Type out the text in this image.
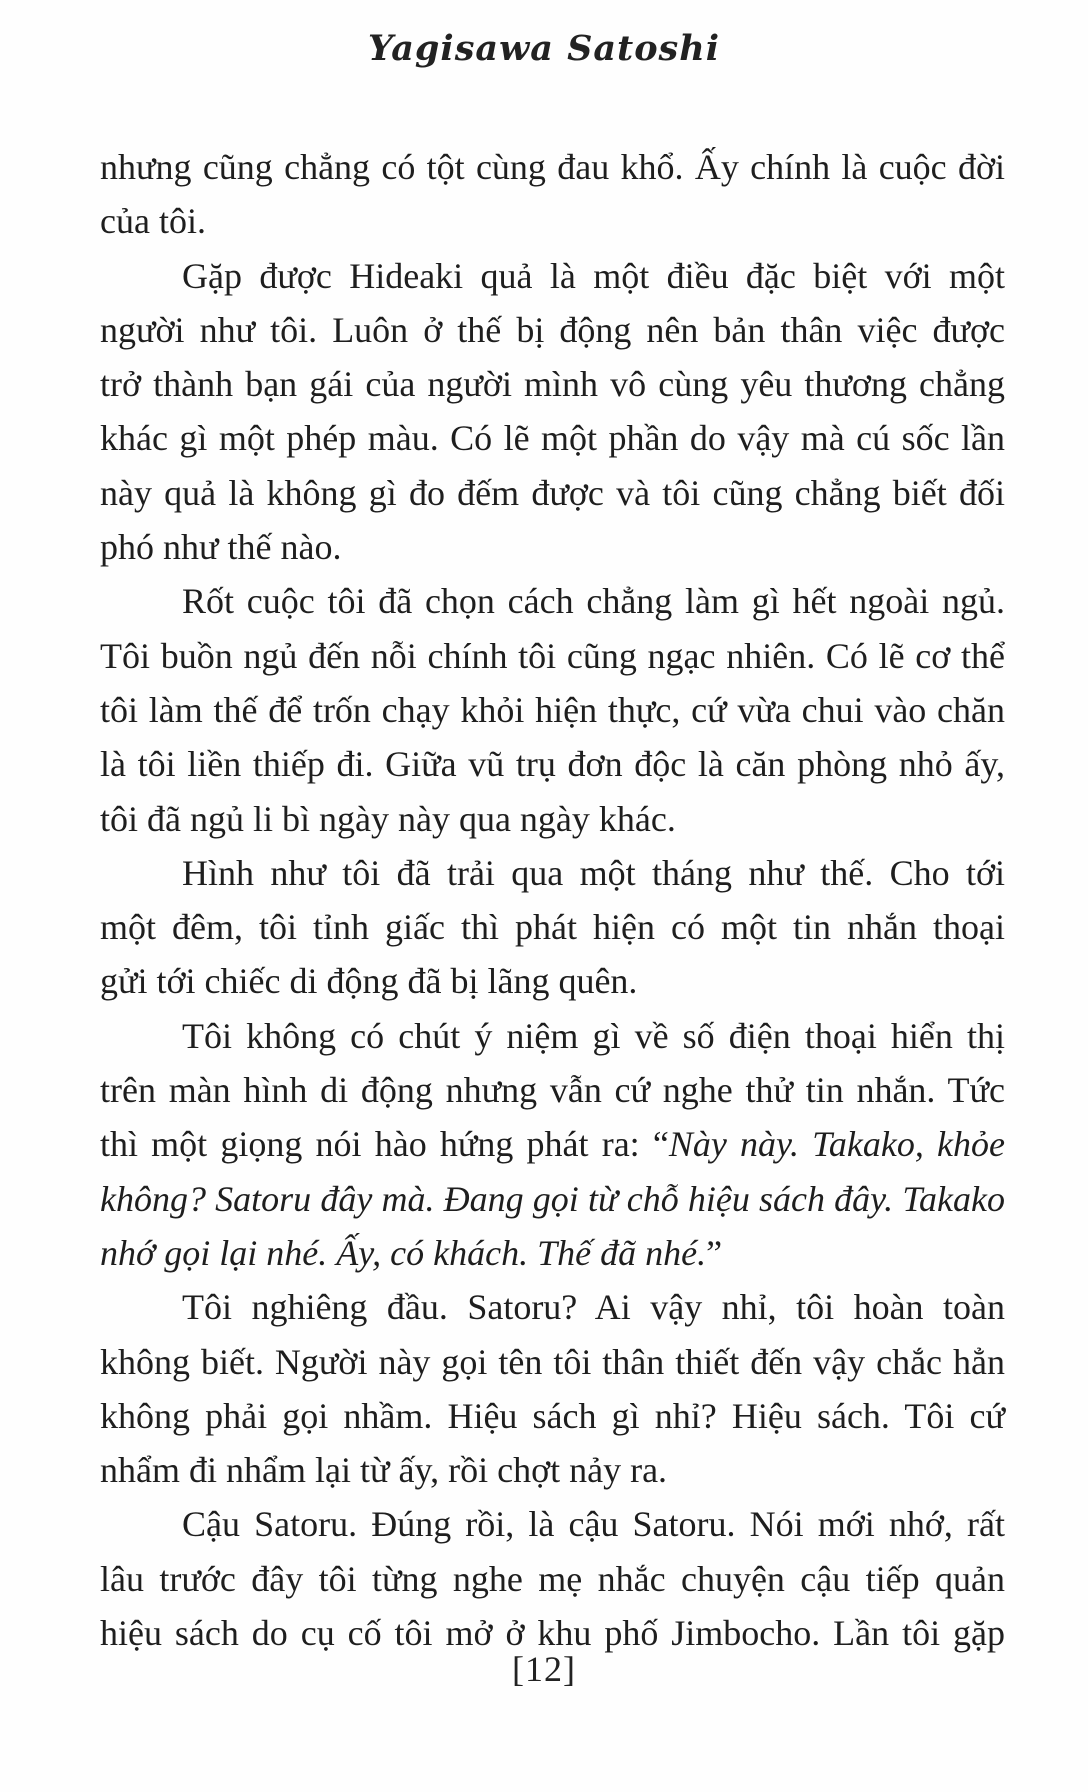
Yagisawa Satoshi

nhưng cũng chẳng có tột cùng đau khổ. Ấy chính là cuộc đời
của tôi.

Gặp được Hideaki quả là một điều đặc biệt với một
người như tôi. Luôn ở thế bị động nên bản thân việc được
trở thành bạn gái của người mình vô cùng yêu thương chẳng
khác gì một phép màu. Có lẽ một phần do vậy mà cú sốc lần
này quả là không gì đo đếm được và tôi cũng chẳng biết đối
phó như thế nào.

Rốt cuộc tôi đã chọn cách chẳng làm gì hết ngoài ngủ.
Tôi buồn ngủ đến nỗi chính tôi cũng ngạc nhiên. Có lẽ cơ thể
tôi làm thế để trốn chạy khỏi hiện thực, cứ vừa chui vào chăn
là tôi liền thiếp đi. Giữa vũ trụ đơn độc là căn phòng nhỏ ấy,
tôi đã ngủ li bì ngày này qua ngày khác.

Hình như tôi đã trải qua một tháng như thế. Cho tới
một đêm, tôi tỉnh giấc thì phát hiện có một tin nhắn thoại
gửi tới chiếc di động đã bị lãng quên.

Tôi không có chút ý niệm gì về số điện thoại hiển thị
trên màn hình di động nhưng vẫn cứ nghe thử tin nhắn. Tức
thì một giọng nói hào hứng phát ra: “Này này. Takako, khỏe
không? Satoru đây mà. Đang gọi từ chỗ hiệu sách đây. Takako
nhớ gọi lại nhé. Ấy, có khách. Thế đã nhé.”

Tôi nghiêng đầu. Satoru? Ai vậy nhỉ, tôi hoàn toàn
không biết. Người này gọi tên tôi thân thiết đến vậy chắc hẳn
không phải gọi nhầm. Hiệu sách gì nhỉ? Hiệu sách. Tôi cứ
nhẩm đi nhẩm lại từ ấy, rồi chợt nảy ra.

Cậu Satoru. Đúng rồi, là cậu Satoru. Nói mới nhớ, rất
lâu trước đây tôi từng nghe mẹ nhắc chuyện cậu tiếp quản
hiệu sách do cụ cố tôi mở ở khu phố Jimbocho. Lần tôi gặp

[12]
